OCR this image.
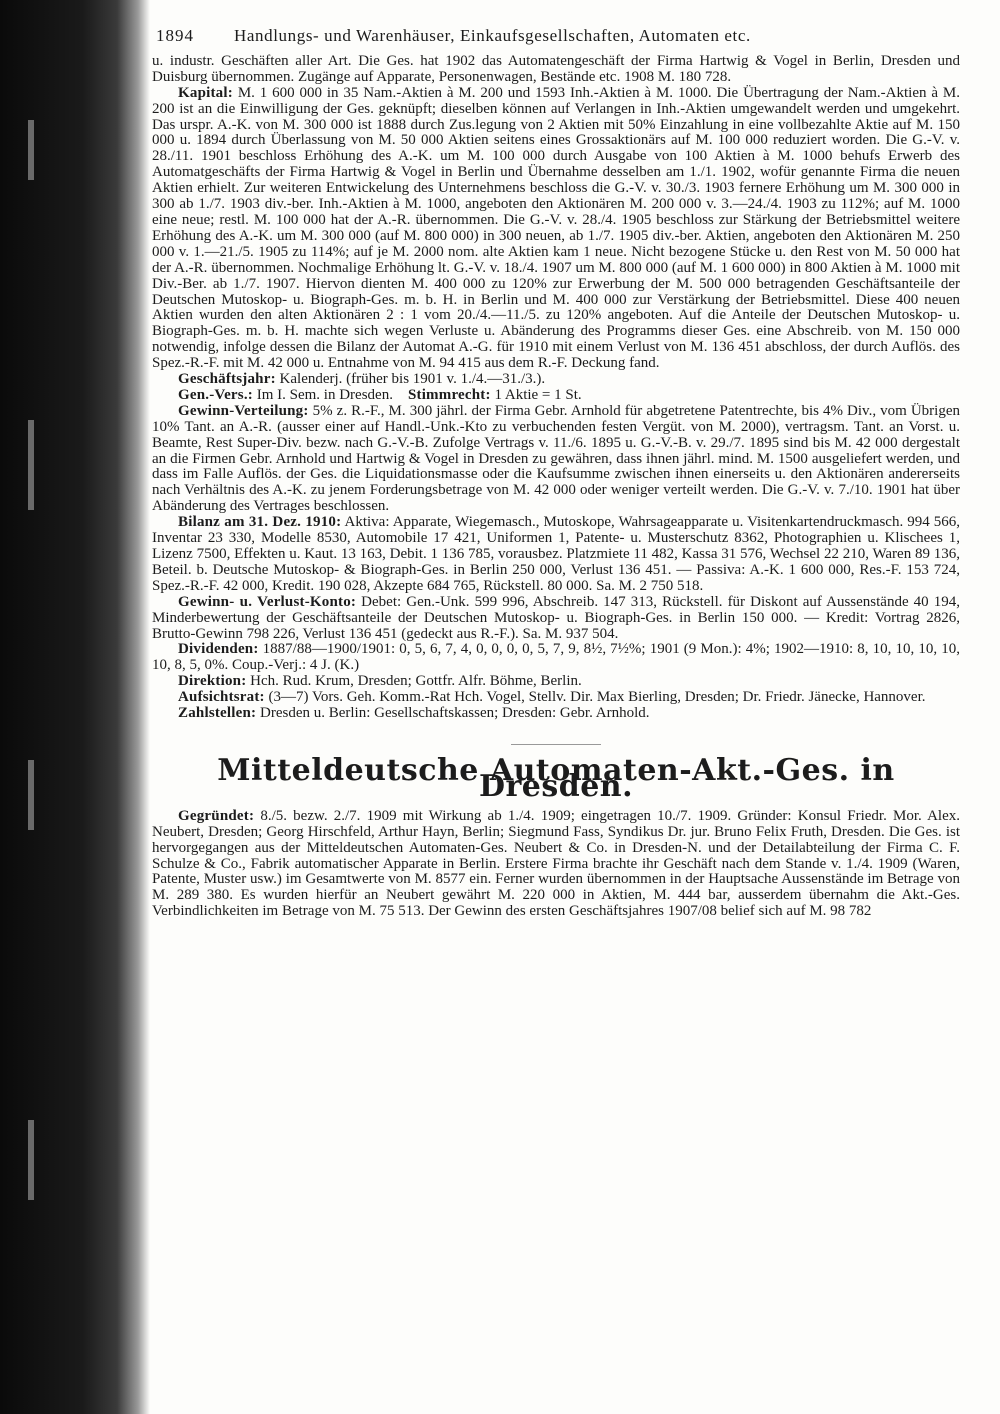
1894 Handlungs- und Warenhäuser, Einkaufsgesellschaften, Automaten etc.

u. industr. Geschäften aller Art. Die Ges. hat 1902 das Automatengeschäft der Firma Hartwig & Vogel in Berlin, Dresden und Duisburg übernommen. Zugänge auf Apparate, Personenwagen, Bestände etc. 1908 M. 180 728.

Kapital: M. 1 600 000 in 35 Nam.-Aktien à M. 200 und 1593 Inh.-Aktien à M. 1000. Die Übertragung der Nam.-Aktien à M. 200 ist an die Einwilligung der Ges. geknüpft; dieselben können auf Verlangen in Inh.-Aktien umgewandelt werden und umgekehrt. Das urspr. A.-K. von M. 300 000 ist 1888 durch Zus.legung von 2 Aktien mit 50% Einzahlung in eine vollbezahlte Aktie auf M. 150 000 u. 1894 durch Überlassung von M. 50 000 Aktien seitens eines Grossaktionärs auf M. 100 000 reduziert worden. Die G.-V. v. 28./11. 1901 beschloss Erhöhung des A.-K. um M. 100 000 durch Ausgabe von 100 Aktien à M. 1000 behufs Erwerb des Automatgeschäfts der Firma Hartwig & Vogel in Berlin und Übernahme desselben am 1./1. 1902, wofür genannte Firma die neuen Aktien erhielt. Zur weiteren Entwickelung des Unternehmens beschloss die G.-V. v. 30./3. 1903 fernere Erhöhung um M. 300 000 in 300 ab 1./7. 1903 div.-ber. Inh.-Aktien à M. 1000, angeboten den Aktionären M. 200 000 v. 3.—24./4. 1903 zu 112%; auf M. 1000 eine neue; restl. M. 100 000 hat der A.-R. übernommen. Die G.-V. v. 28./4. 1905 beschloss zur Stärkung der Betriebsmittel weitere Erhöhung des A.-K. um M. 300 000 (auf M. 800 000) in 300 neuen, ab 1./7. 1905 div.-ber. Aktien, angeboten den Aktionären M. 250 000 v. 1.—21./5. 1905 zu 114%; auf je M. 2000 nom. alte Aktien kam 1 neue. Nicht bezogene Stücke u. den Rest von M. 50 000 hat der A.-R. übernommen. Nochmalige Erhöhung lt. G.-V. v. 18./4. 1907 um M. 800 000 (auf M. 1 600 000) in 800 Aktien à M. 1000 mit Div.-Ber. ab 1./7. 1907. Hiervon dienten M. 400 000 zu 120% zur Erwerbung der M. 500 000 betragenden Geschäftsanteile der Deutschen Mutoskop- u. Biograph-Ges. m. b. H. in Berlin und M. 400 000 zur Verstärkung der Betriebsmittel. Diese 400 neuen Aktien wurden den alten Aktionären 2 : 1 vom 20./4.—11./5. zu 120% angeboten. Auf die Anteile der Deutschen Mutoskop- u. Biograph-Ges. m. b. H. machte sich wegen Verluste u. Abänderung des Programms dieser Ges. eine Abschreib. von M. 150 000 notwendig, infolge dessen die Bilanz der Automat A.-G. für 1910 mit einem Verlust von M. 136 451 abschloss, der durch Auflös. des Spez.-R.-F. mit M. 42 000 u. Entnahme von M. 94 415 aus dem R.-F. Deckung fand.

Geschäftsjahr: Kalenderj. (früher bis 1901 v. 1./4.—31./3.).

Gen.-Vers.: Im I. Sem. in Dresden. Stimmrecht: 1 Aktie = 1 St.

Gewinn-Verteilung: 5% z. R.-F., M. 300 jährl. der Firma Gebr. Arnhold für abgetretene Patentrechte, bis 4% Div., vom Übrigen 10% Tant. an A.-R. (ausser einer auf Handl.-Unk.-Kto zu verbuchenden festen Vergüt. von M. 2000), vertragsm. Tant. an Vorst. u. Beamte, Rest Super-Div. bezw. nach G.-V.-B. Zufolge Vertrags v. 11./6. 1895 u. G.-V.-B. v. 29./7. 1895 sind bis M. 42 000 dergestalt an die Firmen Gebr. Arnhold und Hartwig & Vogel in Dresden zu gewähren, dass ihnen jährl. mind. M. 1500 ausgeliefert werden, und dass im Falle Auflös. der Ges. die Liquidationsmasse oder die Kaufsumme zwischen ihnen einerseits u. den Aktionären andererseits nach Verhältnis des A.-K. zu jenem Forderungsbetrage von M. 42 000 oder weniger verteilt werden. Die G.-V. v. 7./10. 1901 hat über Abänderung des Vertrages beschlossen.

Bilanz am 31. Dez. 1910: Aktiva: Apparate, Wiegemasch., Mutoskope, Wahrsageapparate u. Visitenkartendruckmasch. 994 566, Inventar 23 330, Modelle 8530, Automobile 17 421, Uniformen 1, Patente- u. Musterschutz 8362, Photographien u. Klischees 1, Lizenz 7500, Effekten u. Kaut. 13 163, Debit. 1 136 785, vorausbez. Platzmiete 11 482, Kassa 31 576, Wechsel 22 210, Waren 89 136, Beteil. b. Deutsche Mutoskop- & Biograph-Ges. in Berlin 250 000, Verlust 136 451. — Passiva: A.-K. 1 600 000, Res.-F. 153 724, Spez.-R.-F. 42 000, Kredit. 190 028, Akzepte 684 765, Rückstell. 80 000. Sa. M. 2 750 518.

Gewinn- u. Verlust-Konto: Debet: Gen.-Unk. 599 996, Abschreib. 147 313, Rückstell. für Diskont auf Aussenstände 40 194, Minderbewertung der Geschäftsanteile der Deutschen Mutoskop- u. Biograph-Ges. in Berlin 150 000. — Kredit: Vortrag 2826, Brutto-Gewinn 798 226, Verlust 136 451 (gedeckt aus R.-F.). Sa. M. 937 504.

Dividenden: 1887/88—1900/1901: 0, 5, 6, 7, 4, 0, 0, 0, 0, 5, 7, 9, 8½, 7½%; 1901 (9 Mon.): 4%; 1902—1910: 8, 10, 10, 10, 10, 10, 8, 5, 0%. Coup.-Verj.: 4 J. (K.)

Direktion: Hch. Rud. Krum, Dresden; Gottfr. Alfr. Böhme, Berlin.

Aufsichtsrat: (3—7) Vors. Geh. Komm.-Rat Hch. Vogel, Stellv. Dir. Max Bierling, Dresden; Dr. Friedr. Jänecke, Hannover.

Zahlstellen: Dresden u. Berlin: Gesellschaftskassen; Dresden: Gebr. Arnhold.

Mitteldeutsche Automaten-Akt.-Ges. in Dresden.

Gegründet: 8./5. bezw. 2./7. 1909 mit Wirkung ab 1./4. 1909; eingetragen 10./7. 1909. Gründer: Konsul Friedr. Mor. Alex. Neubert, Dresden; Georg Hirschfeld, Arthur Hayn, Berlin; Siegmund Fass, Syndikus Dr. jur. Bruno Felix Fruth, Dresden. Die Ges. ist hervorgegangen aus der Mitteldeutschen Automaten-Ges. Neubert & Co. in Dresden-N. und der Detailabteilung der Firma C. F. Schulze & Co., Fabrik automatischer Apparate in Berlin. Erstere Firma brachte ihr Geschäft nach dem Stande v. 1./4. 1909 (Waren, Patente, Muster usw.) im Gesamtwerte von M. 8577 ein. Ferner wurden übernommen in der Hauptsache Aussenstände im Betrage von M. 289 380. Es wurden hierfür an Neubert gewährt M. 220 000 in Aktien, M. 444 bar, ausserdem übernahm die Akt.-Ges. Verbindlichkeiten im Betrage von M. 75 513. Der Gewinn des ersten Geschäftsjahres 1907/08 belief sich auf M. 98 782
